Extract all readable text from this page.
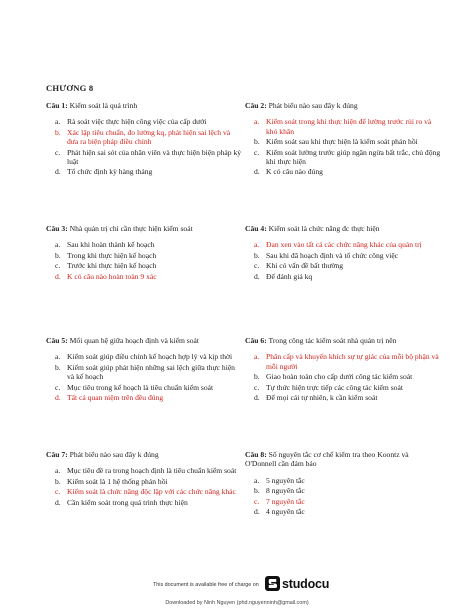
CHƯƠNG 8
Câu 1: Kiểm soát là quá trình
a. Rà soát việc thực hiện công việc của cấp dưới
b. Xác lập tiêu chuẩn, đo lường kq, phát hiện sai lệch và đưa ra biện pháp điều chỉnh
c. Phát hiện sai sót của nhân viên và thực hiện biện pháp kỷ luật
d. Tổ chức định kỳ hàng tháng
Câu 2: Phát biểu nào sau đây k đúng
a. Kiểm soát trong khi thực hiện để lường trước rủi ro và khó khăn
b. Kiểm soát sau khi thực hiện là kiểm soát phản hồi
c. Kiểm soát lường trước giúp ngăn ngừa bất trắc, chủ động khi thực hiện
d. K có câu nào đúng
Câu 3: Nhà quản trị chỉ cần thực hiện kiểm soát
a. Sau khi hoàn thành kế hoạch
b. Trong khi thực hiện kế hoạch
c. Trước khi thực hiện kế hoạch
d. K có câu nào hoàn toàn 9 xác
Câu 4: Kiểm soát là chức năng đc thực hiện
a. Đan xen vào tất cả các chức năng khác của quản trị
b. Sau khi đã hoạch định và tổ chức công việc
c. Khi có vấn đề bất thường
d. Để đánh giá kq
Câu 5: Mối quan hệ giữa hoạch định và kiểm soát
a. Kiểm soát giúp điều chỉnh kế hoạch hợp lý và kịp thời
b. Kiểm soát giúp phát hiện những sai lệch giữa thực hiện và kế hoạch
c. Mục tiêu trong kế hoạch là tiêu chuẩn kiểm soát
d. Tất cả quan niệm trên đều đúng
Câu 6: Trong công tác kiểm soát nhà quản trị nên
a. Phân cấp và khuyến khích sự tự giác của mỗi bộ phận và mỗi người
b. Giao hoàn toàn cho cấp dưới công tác kiểm soát
c. Tự thức hiện trực tiếp các công tác kiểm soát
d. Để mọi cái tự nhiên, k cần kiểm soát
Câu 7: Phát biểu nào sau đây k đúng
a. Mục tiêu đề ra trong hoạch định là tiêu chuẩn kiểm soát
b. Kiểm soát là 1 hệ thống phản hồi
c. Kiểm soát là chức năng độc lập với các chức năng khác
d. Cần kiểm soát trong quá trình thực hiện
Câu 8: Số nguyên tắc cơ chế kiểm tra theo Koontz và O'Donnell cần đảm bảo
a. 5 nguyên tắc
b. 8 nguyên tắc
c. 7 nguyên tắc
d. 4 nguyên tắc
This document is available free of charge on studocu
Downloaded by Ninh Nguyen (phd.nguyenninh@gmail.com)
